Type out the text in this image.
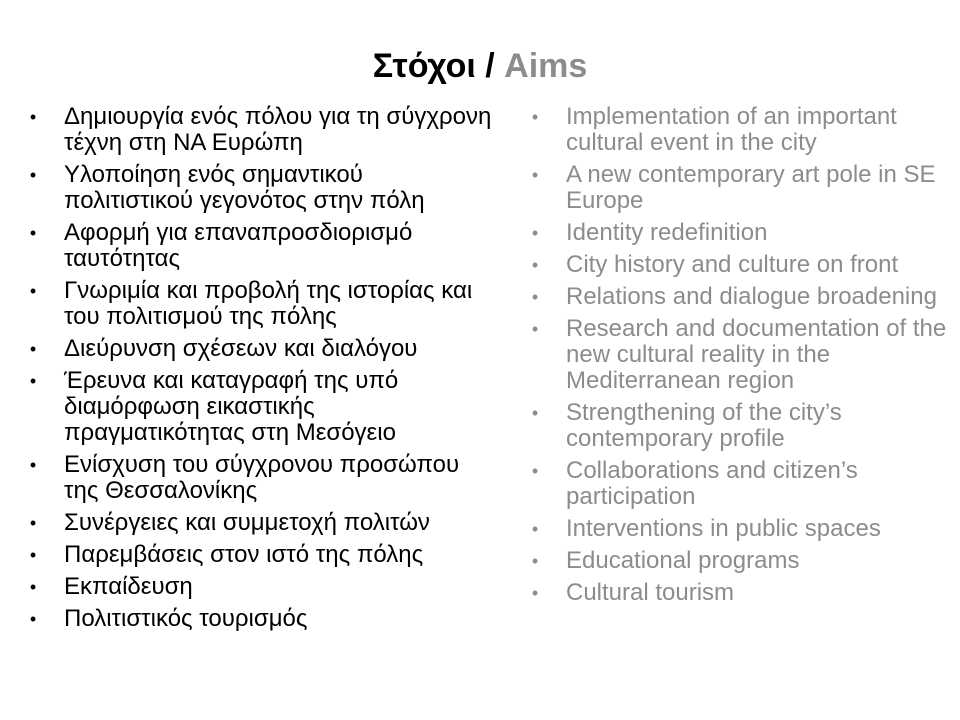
Στόχοι / Aims
• Δημιουργία ενός πόλου για τη σύγχρονη τέχνη στη ΝΑ Ευρώπη
• Υλοποίηση ενός σημαντικού πολιτιστικού γεγονότος στην πόλη
• Αφορμή για επαναπροσδιορισμό ταυτότητας
• Γνωριμία και προβολή της ιστορίας και του πολιτισμού της πόλης
• Διεύρυνση σχέσεων και διαλόγου
• Έρευνα και καταγραφή της υπό διαμόρφωση εικαστικής πραγματικότητας στη Μεσόγειο
• Ενίσχυση του σύγχρονου προσώπου της Θεσσαλονίκης
• Συνέργειες και συμμετοχή πολιτών
• Παρεμβάσεις στον ιστό της πόλης
• Εκπαίδευση
• Πολιτιστικός τουρισμός
• Implementation of an important cultural event in the city
• A new contemporary art pole in SE Europe
• Identity redefinition
• City history and culture on front
• Relations and dialogue broadening
• Research and documentation of the new cultural reality in the Mediterranean region
• Strengthening of the city’s contemporary profile
• Collaborations and citizen’s participation
• Interventions in public spaces
• Educational programs
• Cultural tourism
